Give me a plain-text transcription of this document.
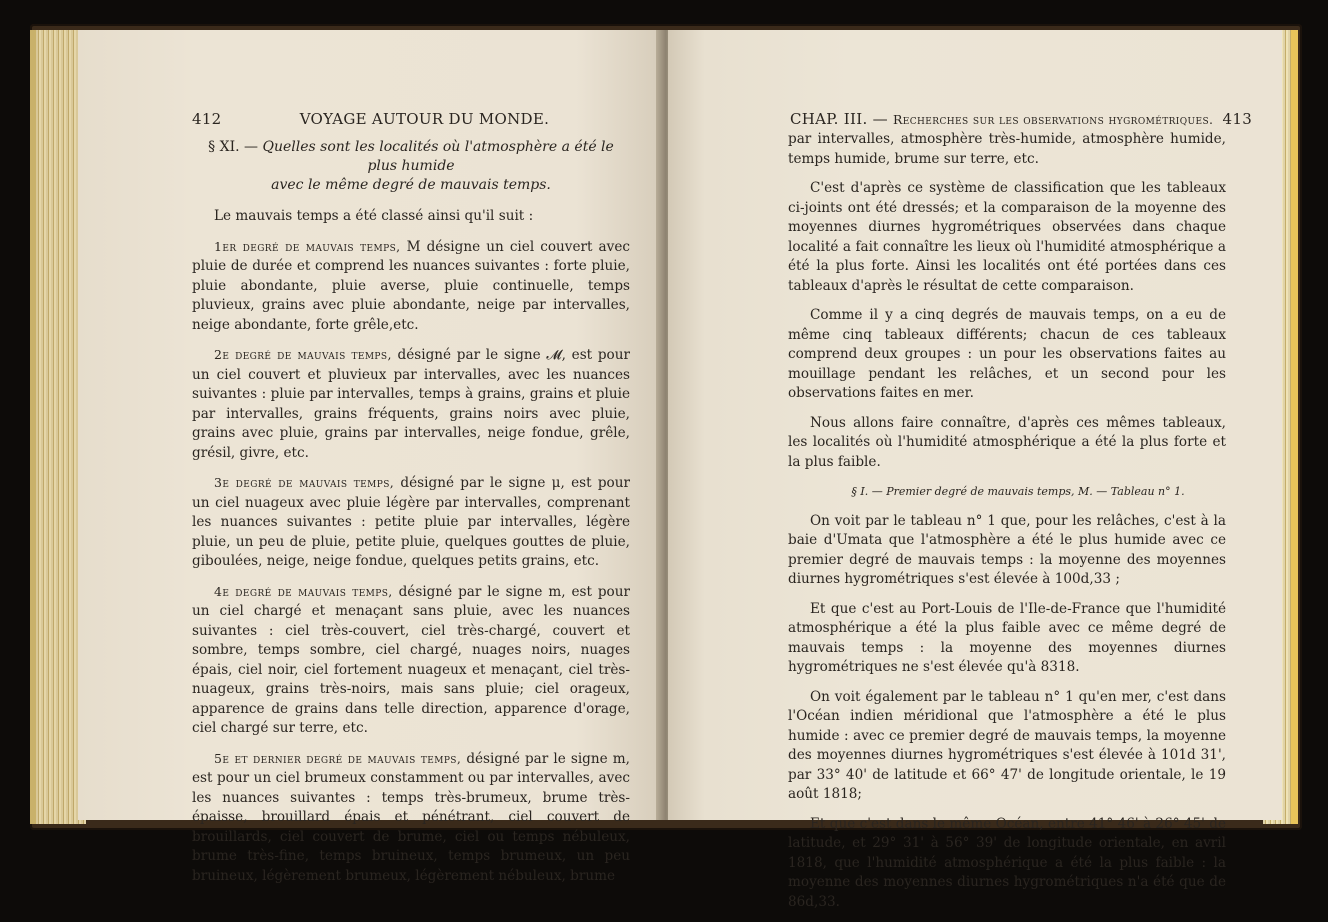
412	VOYAGE AUTOUR DU MONDE.
§ XI. — Quelles sont les localités où l'atmosphère a été le plus humide
avec le même degré de mauvais temps.

Le mauvais temps a été classé ainsi qu'il suit :

1er degré de mauvais temps, M désigne un ciel couvert avec pluie de durée et comprend les nuances suivantes : forte pluie, pluie abondante, pluie averse, pluie continuelle, temps pluvieux, grains avec pluie abondante, neige par intervalles, neige abondante, forte grêle,etc.

2e degré de mauvais temps, désigné par le signe 𝓜, est pour un ciel couvert et pluvieux par intervalles, avec les nuances suivantes : pluie par intervalles, temps à grains, grains et pluie par intervalles, grains fréquents, grains noirs avec pluie, grains avec pluie, grains par intervalles, neige fondue, grêle, grésil, givre, etc.

3e degré de mauvais temps, désigné par le signe μ, est pour un ciel nuageux avec pluie légère par intervalles, comprenant les nuances suivantes : petite pluie par intervalles, légère pluie, un peu de pluie, petite pluie, quelques gouttes de pluie, giboulées, neige, neige fondue, quelques petits grains, etc.

4e degré de mauvais temps, désigné par le signe m, est pour un ciel chargé et menaçant sans pluie, avec les nuances suivantes : ciel très-couvert, ciel très-chargé, couvert et sombre, temps sombre, ciel chargé, nuages noirs, nuages épais, ciel noir, ciel fortement nuageux et menaçant, ciel très-nuageux, grains très-noirs, mais sans pluie; ciel orageux, apparence de grains dans telle direction, apparence d'orage, ciel chargé sur terre, etc.

5e et dernier degré de mauvais temps, désigné par le signe m, est pour un ciel brumeux constamment ou par intervalles, avec les nuances suivantes : temps très-brumeux, brume très-épaisse, brouillard épais et pénétrant, ciel couvert de brouillards, ciel couvert de brume, ciel ou temps nébuleux, brume très-fine, temps bruineux, temps brumeux, un peu bruineux, légèrement brumeux, légèrement nébuleux, brume

CHAP. III. — Recherches sur les observations hygrométriques. 413

par intervalles, atmosphère très-humide, atmosphère humide, temps humide, brume sur terre, etc.

C'est d'après ce système de classification que les tableaux ci-joints ont été dressés; et la comparaison de la moyenne des moyennes diurnes hygrométriques observées dans chaque localité a fait connaître les lieux où l'humidité atmosphérique a été la plus forte. Ainsi les localités ont été portées dans ces tableaux d'après le résultat de cette comparaison.

Comme il y a cinq degrés de mauvais temps, on a eu de même cinq tableaux différents; chacun de ces tableaux comprend deux groupes : un pour les observations faites au mouillage pendant les relâches, et un second pour les observations faites en mer.

Nous allons faire connaître, d'après ces mêmes tableaux, les localités où l'humidité atmosphérique a été la plus forte et la plus faible.

§ I. — Premier degré de mauvais temps, M. — Tableau n° 1.

On voit par le tableau n° 1 que, pour les relâches, c'est à la baie d'Umata que l'atmosphère a été le plus humide avec ce premier degré de mauvais temps : la moyenne des moyennes diurnes hygrométriques s'est élevée à 100d,33 ;

Et que c'est au Port-Louis de l'Ile-de-France que l'humidité atmosphérique a été la plus faible avec ce même degré de mauvais temps : la moyenne des moyennes diurnes hygrométriques ne s'est élevée qu'à 8318.

On voit également par le tableau n° 1 qu'en mer, c'est dans l'Océan indien méridional que l'atmosphère a été le plus humide : avec ce premier degré de mauvais temps, la moyenne des moyennes diurnes hygrométriques s'est élevée à 101d 31', par 33° 40' de latitude et 66° 47' de longitude orientale, le 19 août 1818;

Et que c'est dans le même Océan, entre 41° 46' à 26° 45' de latitude, et 29° 31' à 56° 39' de longitude orientale, en avril 1818, que l'humidité atmosphérique a été la plus faible : la moyenne des moyennes diurnes hygrométriques n'a été que de 86d,33.
